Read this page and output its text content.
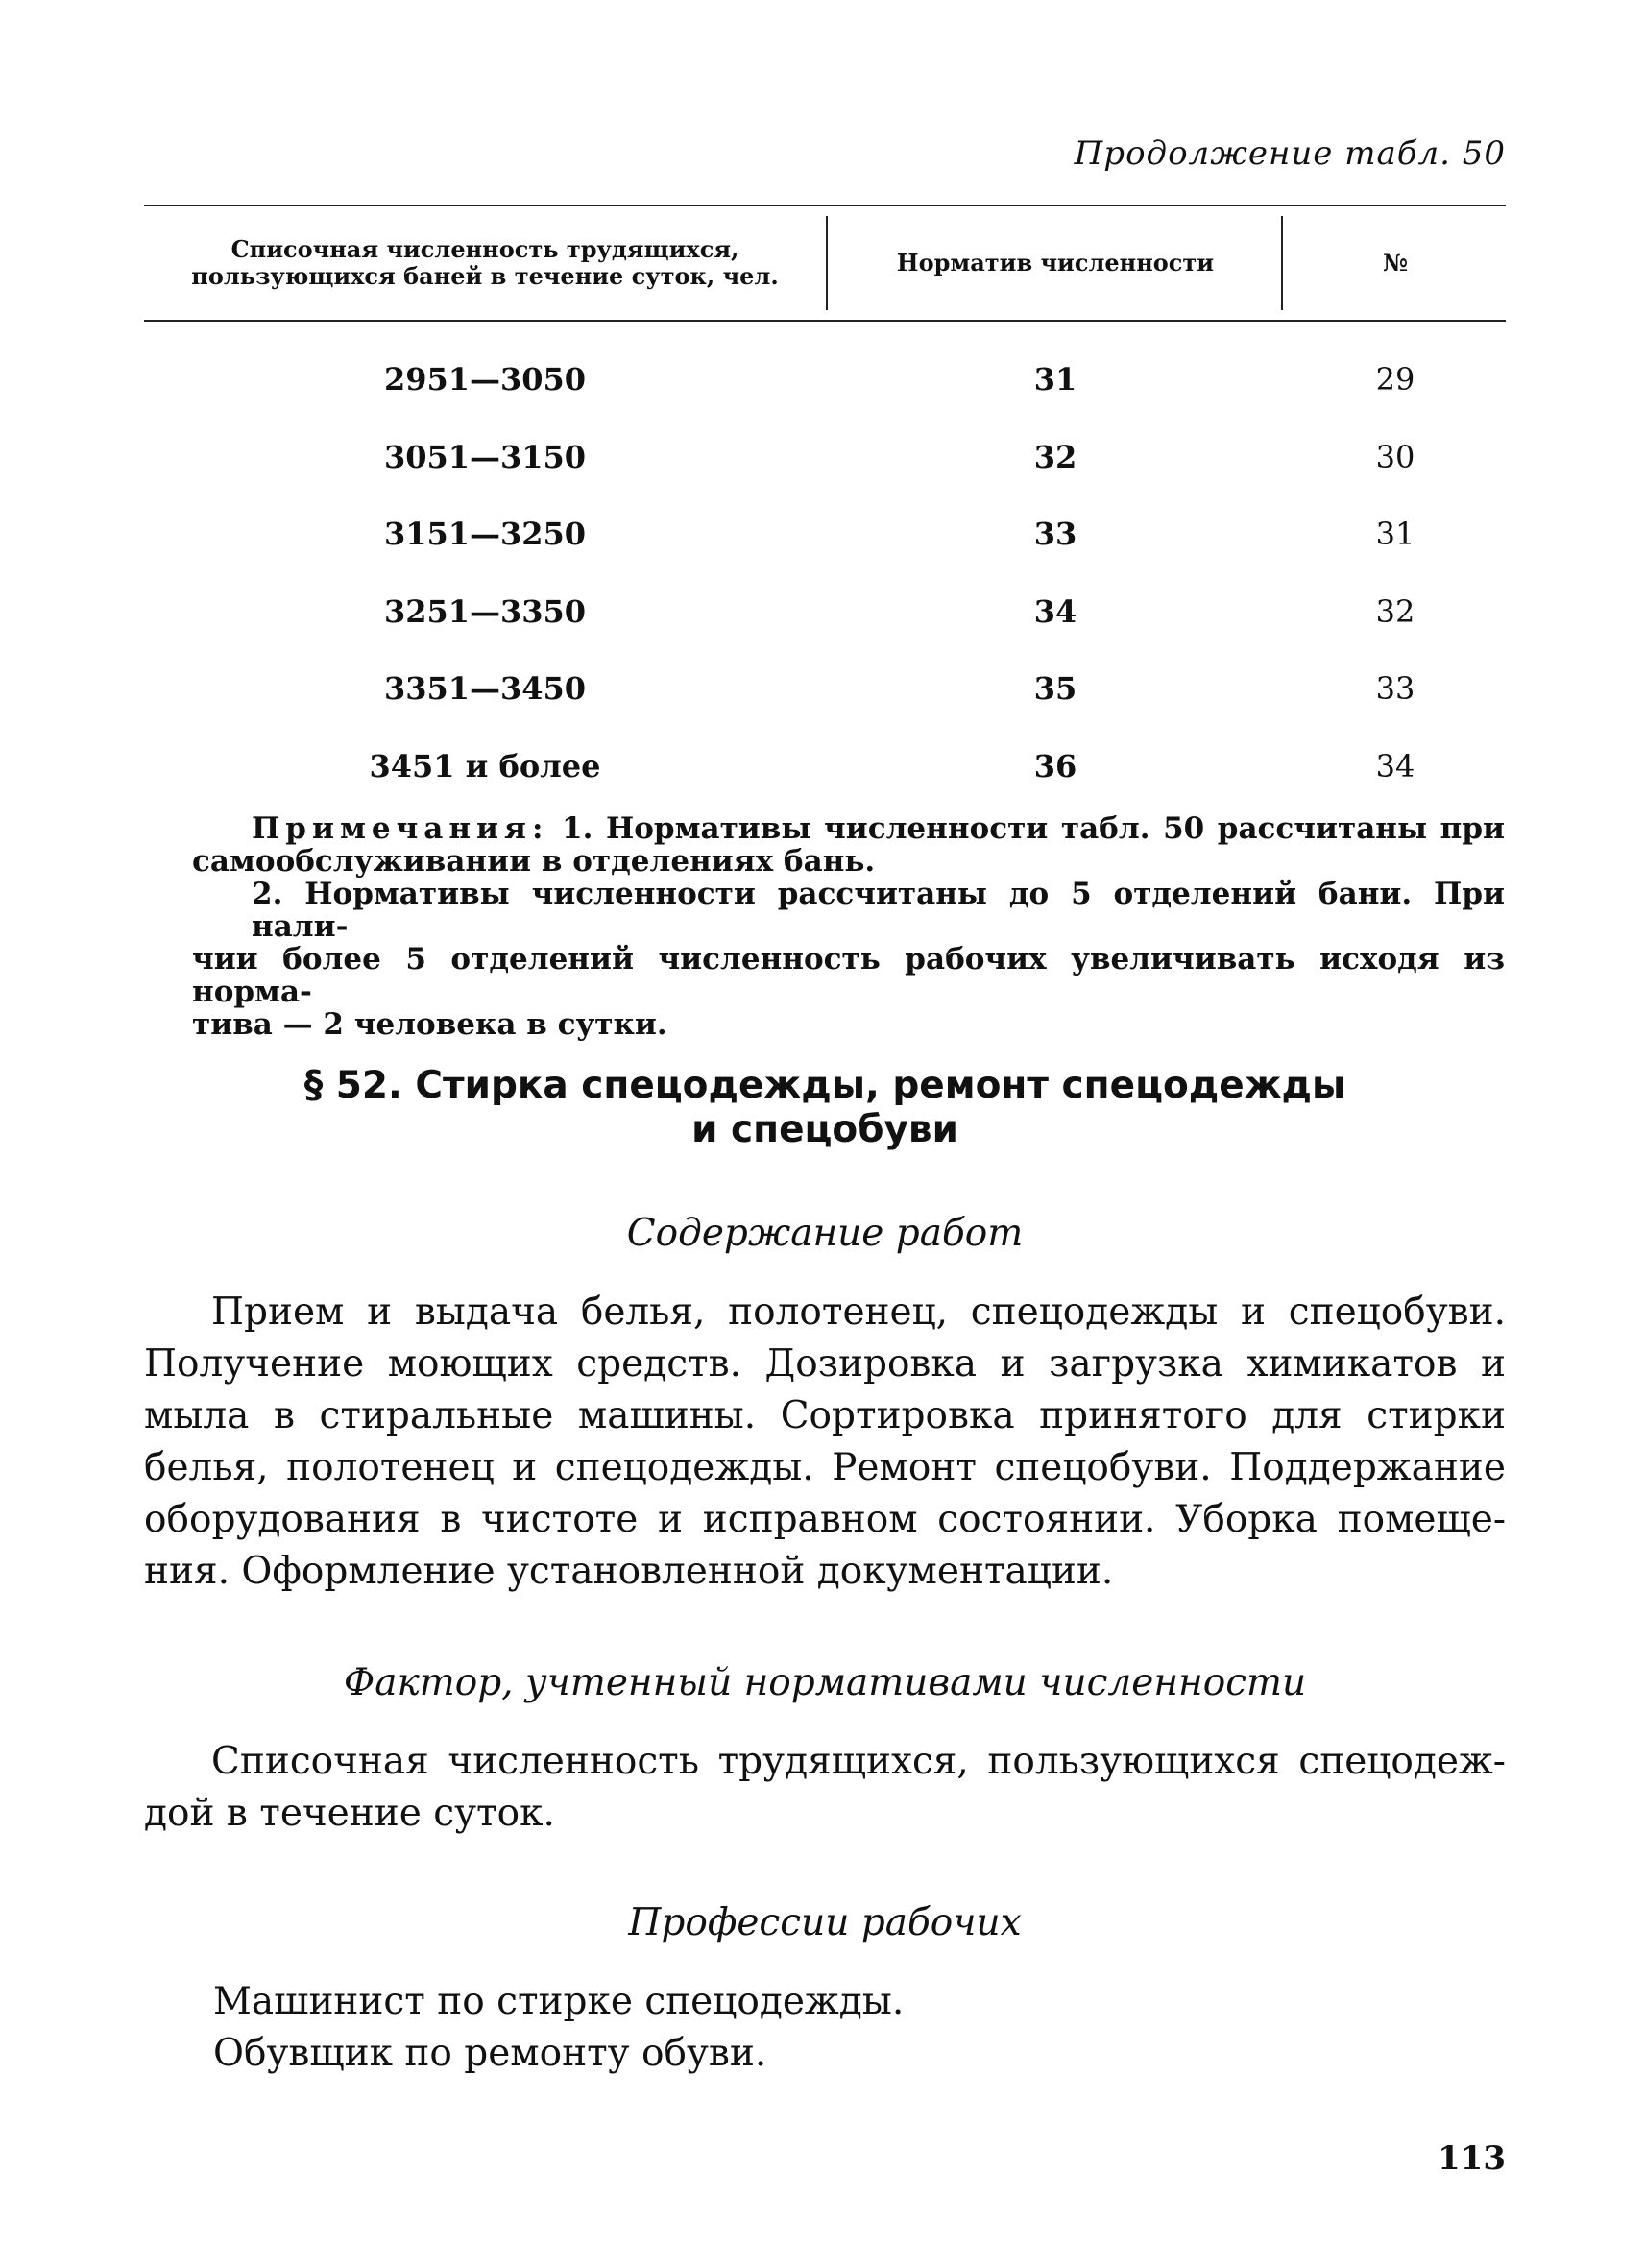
Продолжение табл. 50
Списочная численность трудящихся, пользующихся баней в течение суток, чел.	Норматив численности	№
2951—3050	31	29
3051—3150	32	30
3151—3250	33	31
3251—3350	34	32
3351—3450	35	33
3451 и более	36	34
Примечания: 1. Нормативы численности табл. 50 рассчитаны при
самообслуживании в отделениях бань.
2. Нормативы численности рассчитаны до 5 отделений бани. При нали-
чии более 5 отделений численность рабочих увеличивать исходя из норма-
тива — 2 человека в сутки.
§ 52. Стирка спецодежды, ремонт спецодежды
и спецобуви
Содержание работ

Прием и выдача белья, полотенец, спецодежды и спецобуви.

Получение моющих средств. Дозировка и загрузка химикатов и

мыла в стиральные машины. Сортировка принятого для стирки

белья, полотенец и спецодежды. Ремонт спецобуви. Поддержание

оборудования в чистоте и исправном состоянии. Уборка помеще-

ния. Оформление установленной документации.

Фактор, учтенный нормативами численности

Списочная численность трудящихся, пользующихся спецодеж-

дой в течение суток.

Профессии рабочих
Машинист по стирке спецодежды.
Обувщик по ремонту обуви.
113
